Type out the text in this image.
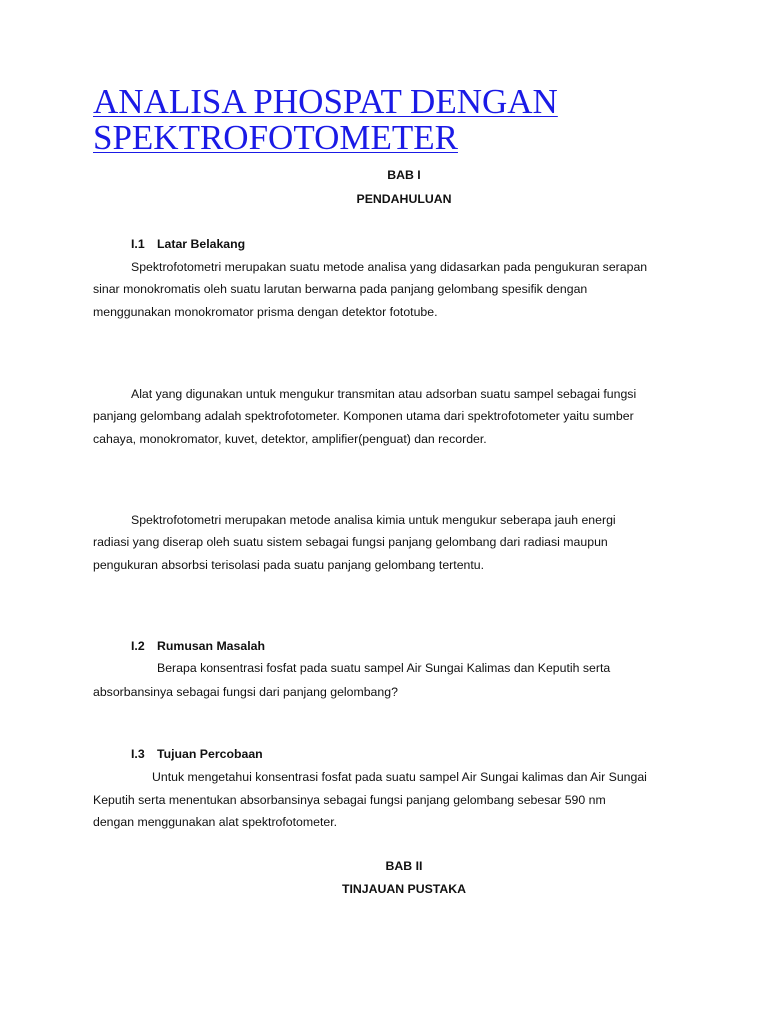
ANALISA PHOSPAT DENGAN
SPEKTROFOTOMETER

BAB I

PENDAHULUAN

I.1 Latar Belakang

Spektrofotometri merupakan suatu metode analisa yang didasarkan pada pengukuran serapan

sinar monokromatis oleh suatu larutan berwarna pada panjang gelombang spesifik dengan

menggunakan monokromator prisma dengan detektor fototube.

Alat yang digunakan untuk mengukur transmitan atau adsorban suatu sampel sebagai fungsi

panjang gelombang adalah spektrofotometer. Komponen utama dari spektrofotometer yaitu sumber

cahaya, monokromator, kuvet, detektor, amplifier(penguat) dan recorder.

Spektrofotometri merupakan metode analisa kimia untuk mengukur seberapa jauh energi

radiasi yang diserap oleh suatu sistem sebagai fungsi panjang gelombang dari radiasi maupun

pengukuran absorbsi terisolasi pada suatu panjang gelombang tertentu.

I.2 Rumusan Masalah

Berapa konsentrasi fosfat pada suatu sampel Air Sungai Kalimas dan Keputih serta

absorbansinya sebagai fungsi dari panjang gelombang?

I.3 Tujuan Percobaan

Untuk mengetahui konsentrasi fosfat pada suatu sampel Air Sungai kalimas dan Air Sungai

Keputih serta menentukan absorbansinya sebagai fungsi panjang gelombang sebesar 590 nm

dengan menggunakan alat spektrofotometer.

BAB II

TINJAUAN PUSTAKA
